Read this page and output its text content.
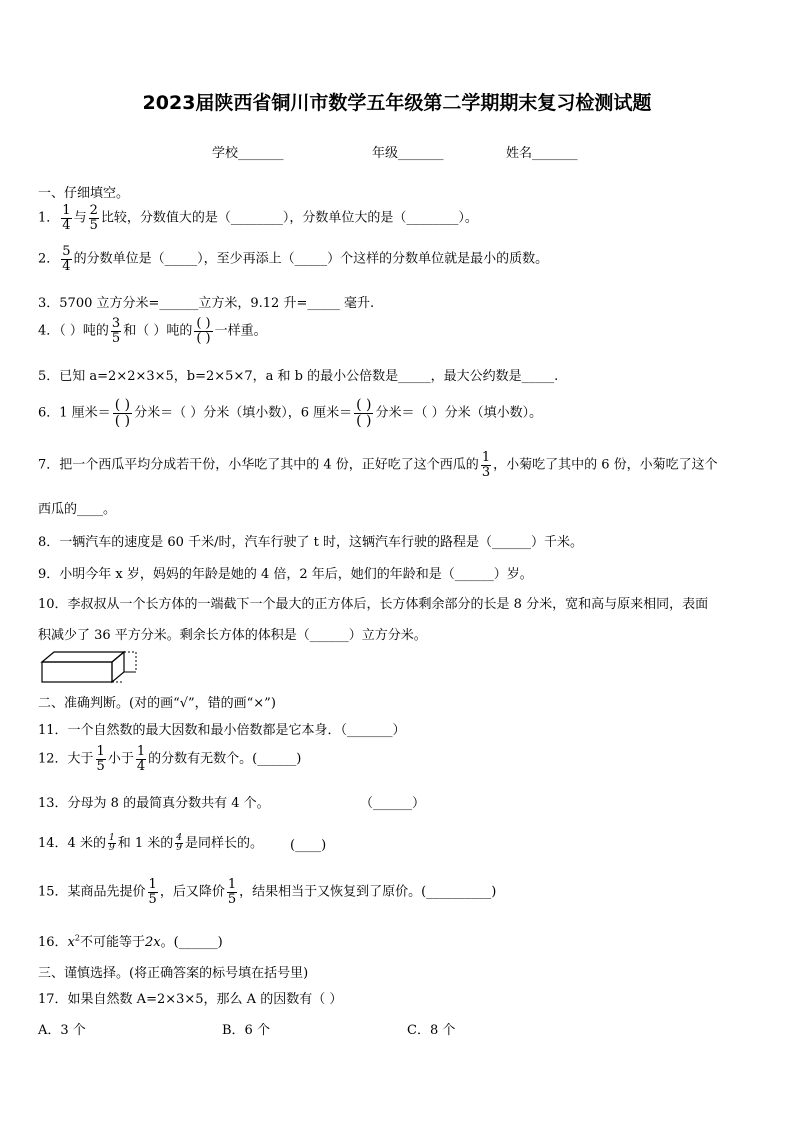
2023届陕西省铜川市数学五年级第二学期期末复习检测试题
学校_______	年级_______	姓名_______
一、仔细填空。
1． $\frac{1}{4}$ 与 $\frac{2}{5}$ 比较，分数值大的是（________），分数单位大的是（________）。
2． $\frac{5}{4}$ 的分数单位是（_____），至少再添上（_____）个这样的分数单位就是最小的质数。
3．5700 立方分米=______立方米，9.12 升=_____ 毫升.
4．（ ）吨的 $\frac{3}{5}$ 和（ ）吨的 $\frac{( )}{( )}$ 一样重。
5．已知 a=2×2×3×5，b=2×5×7，a 和 b 的最小公倍数是_____，最大公约数是_____.
6．1 厘米＝ $\frac{( )}{( )}$ 分米＝（ ）分米（填小数），6 厘米＝ $\frac{( )}{( )}$ 分米＝（ ）分米（填小数）。
7．把一个西瓜平均分成若干份，小华吃了其中的 4 份，正好吃了这个西瓜的 $\frac{1}{3}$ ，小菊吃了其中的 6 份，小菊吃了这个
西瓜的____。
8．一辆汽车的速度是 60 千米/时，汽车行驶了 t 时，这辆汽车行驶的路程是（______）千米。
9．小明今年 x 岁，妈妈的年龄是她的 4 倍，2 年后，她们的年龄和是（______）岁。
10．李叔叔从一个长方体的一端截下一个最大的正方体后，长方体剩余部分的长是 8 分米，宽和高与原来相同，表面
积减少了 36 平方分米。剩余长方体的体积是（______）立方分米。
二、准确判断。(对的画“√”，错的画“×”)
11．一个自然数的最大因数和最小倍数都是它本身．（_______）
12．大于 $\frac{1}{5}$ 小于 $\frac{1}{4}$ 的分数有无数个。(______)
13．分母为 8 的最简真分数共有 4 个。	（______）
14．4 米的 $\frac{1}{9}$ 和 1 米的 $\frac{4}{9}$ 是同样长的。 (____)
15．某商品先提价 $\frac{1}{5}$ ，后又降价 $\frac{1}{5}$ ，结果相当于又恢复到了原价。(__________)
16．$x^2$不可能等于2x。(______)
三、谨慎选择。(将正确答案的标号填在括号里)
17．如果自然数 A=2×3×5，那么 A 的因数有（ ）
A．3 个	B．6 个	C．8 个
